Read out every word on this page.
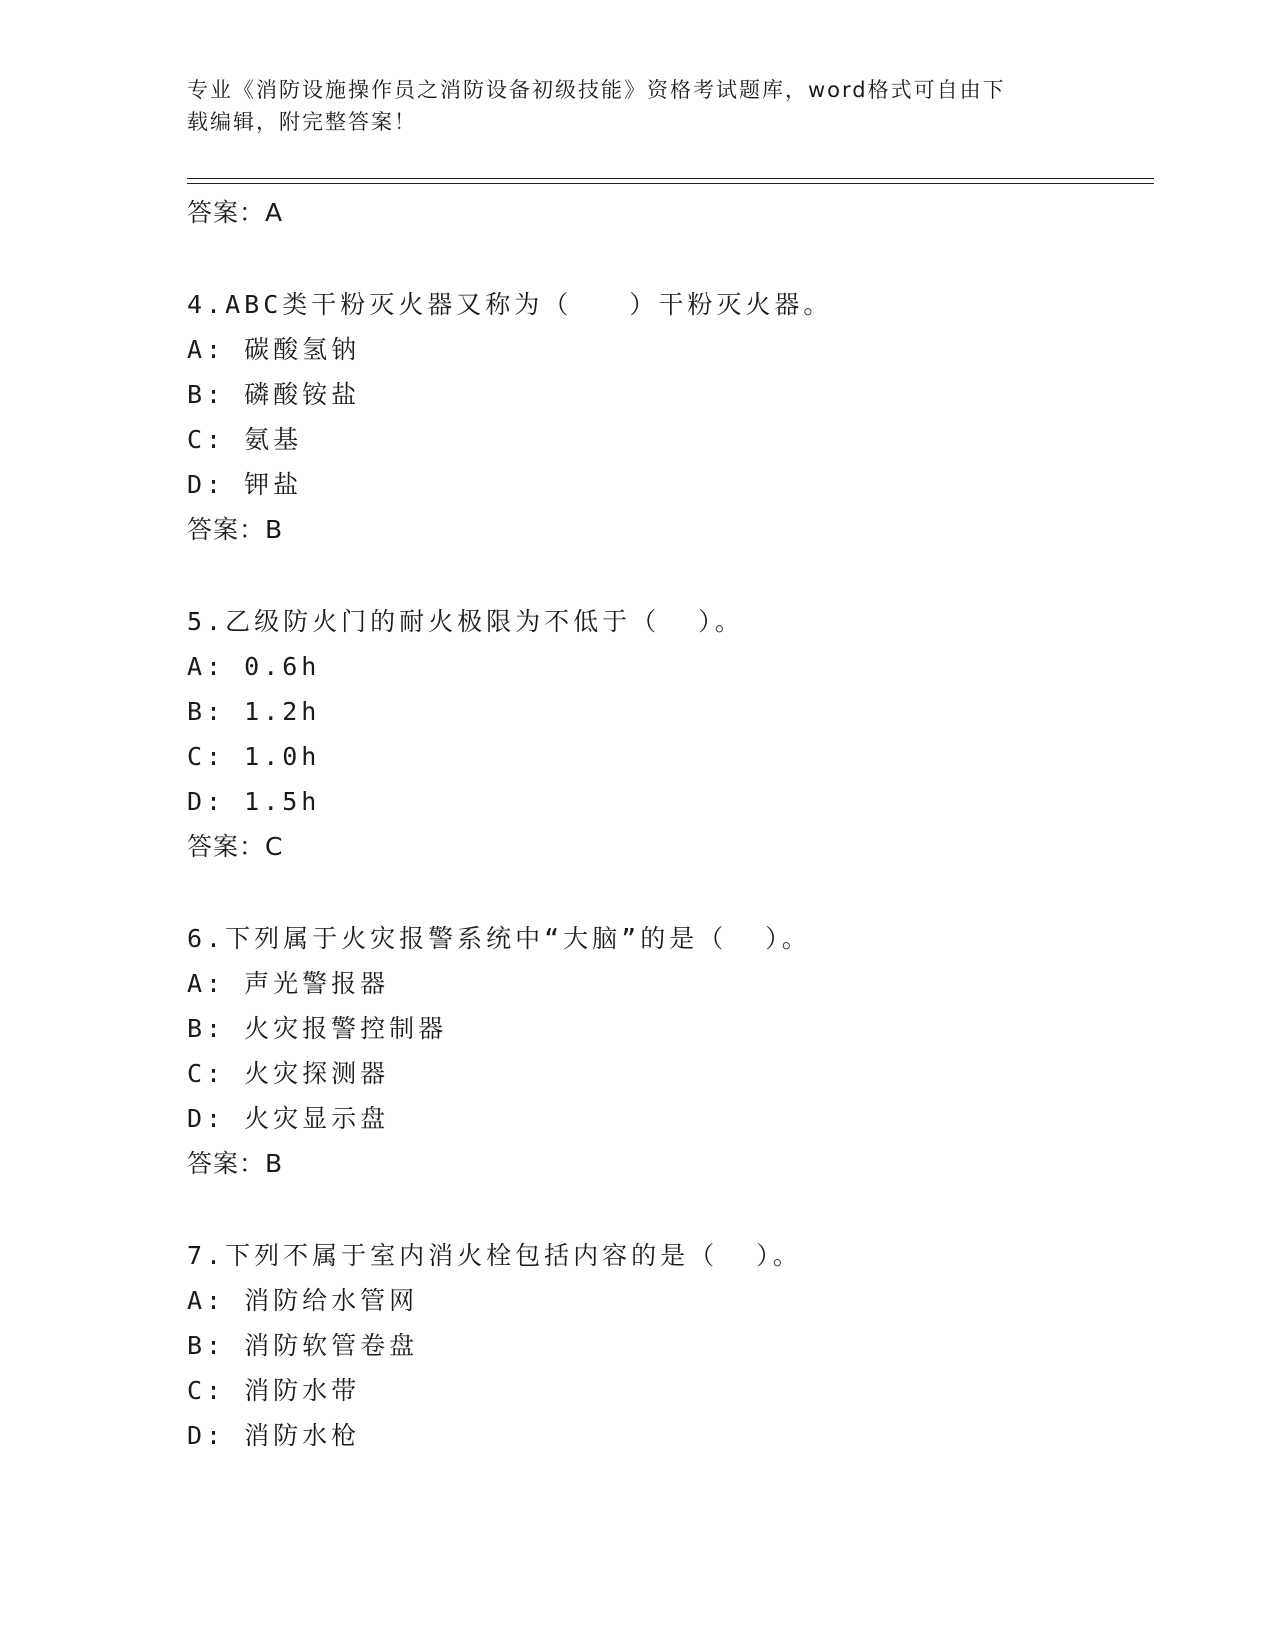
专业《消防设施操作员之消防设备初级技能》资格考试题库，word格式可自由下
载编辑，附完整答案！
答案：A
4.ABC类干粉灭火器又称为（   ）干粉灭火器。
A: 碳酸氢钠
B: 磷酸铵盐
C: 氨基
D: 钾盐
答案：B
5.乙级防火门的耐火极限为不低于（  ）。
A: 0.6h
B: 1.2h
C: 1.0h
D: 1.5h
答案：C
6.下列属于火灾报警系统中“大脑”的是（  ）。
A: 声光警报器
B: 火灾报警控制器
C: 火灾探测器
D: 火灾显示盘
答案：B
7.下列不属于室内消火栓包括内容的是（  ）。
A: 消防给水管网
B: 消防软管卷盘
C: 消防水带
D: 消防水枪
